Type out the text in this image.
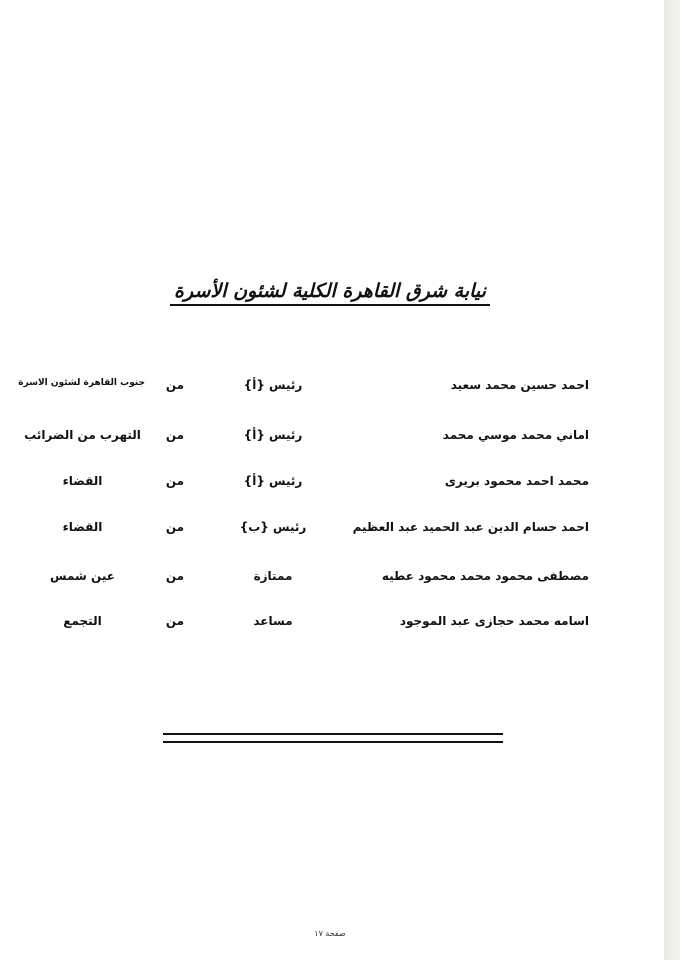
نيابة شرق القاهرة الكلية لشئون الأسرة
احمد حسين محمد سعيد
رئيس {أ}
من
جنوب القاهرة لشئون الاسرة
اماني محمد موسي محمد
رئيس {أ}
من
التهرب من الضرائب
محمد احمد محمود بريرى
رئيس {أ}
من
القضاء
احمد حسام الدين عبد الحميد عبد العظيم
رئيس {ب}
من
القضاء
مصطفى محمود محمد محمود عطيه
ممتازة
من
عين شمس
اسامه محمد حجازى عبد الموجود
مساعد
من
التجمع
صفحة ١٧
